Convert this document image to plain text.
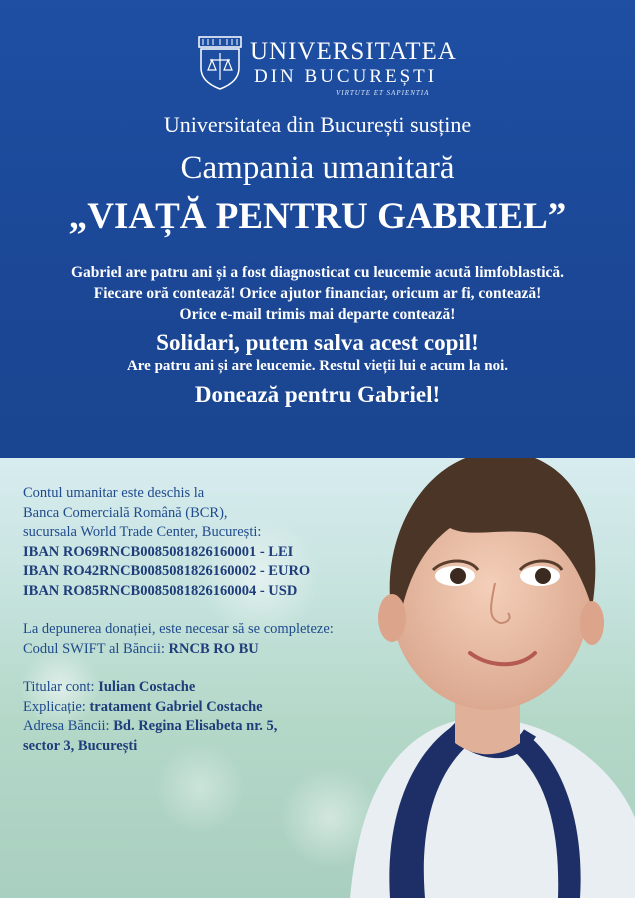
UNIVERSITATEA
DIN BUCUREȘTI
VIRTUTE ET SAPIENTIA
Universitatea din București susține
Campania umanitară
„VIAȚĂ PENTRU GABRIEL”
Gabriel are patru ani și a fost diagnosticat cu leucemie acută limfoblastică.
Fiecare oră contează! Orice ajutor financiar, oricum ar fi, contează!
Orice e-mail trimis mai departe contează!
Solidari, putem salva acest copil!
Are patru ani și are leucemie. Restul vieții lui e acum la noi.
Donează pentru Gabriel!

Contul umanitar este deschis la

Banca Comercială Română (BCR),

sucursala World Trade Center, București:

IBAN RO69RNCB0085081826160001 - LEI

IBAN RO42RNCB0085081826160002 - EURO

IBAN RO85RNCB0085081826160004 - USD

La depunerea donației, este necesar să se completeze:

Codul SWIFT al Băncii: RNCB RO BU

Titular cont: Iulian Costache

Explicație: tratament Gabriel Costache

Adresa Băncii: Bd. Regina Elisabeta nr. 5,

sector 3, București
